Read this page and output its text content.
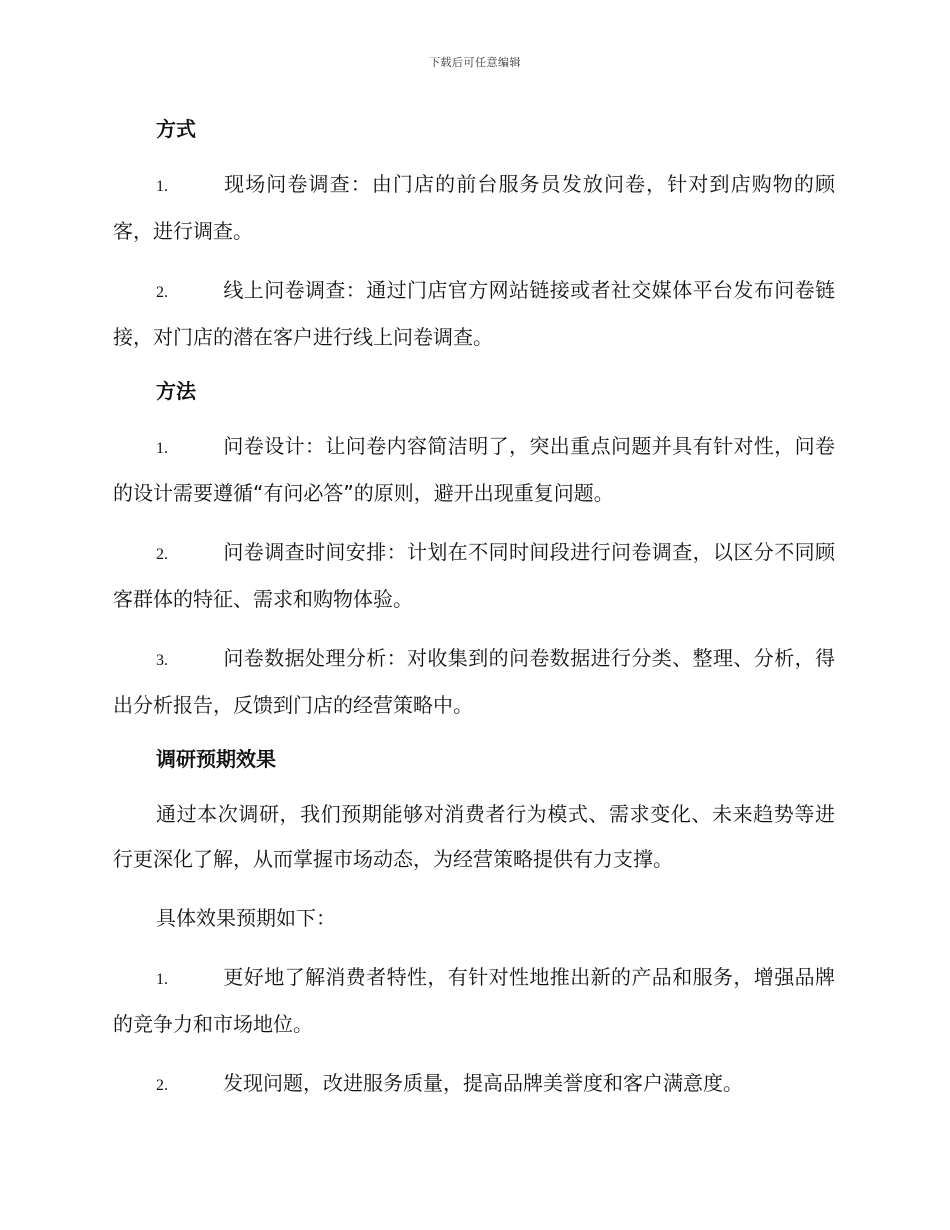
下载后可任意编辑

方式

1.	现场问卷调查：由门店的前台服务员发放问卷，针对到店购物的顾客，进行调查。

2.	线上问卷调查：通过门店官方网站链接或者社交媒体平台发布问卷链接，对门店的潜在客户进行线上问卷调查。

方法

1.	问卷设计：让问卷内容简洁明了，突出重点问题并具有针对性，问卷的设计需要遵循“有问必答”的原则，避开出现重复问题。

2.	问卷调查时间安排：计划在不同时间段进行问卷调查，以区分不同顾客群体的特征、需求和购物体验。

3.	问卷数据处理分析：对收集到的问卷数据进行分类、整理、分析，得出分析报告，反馈到门店的经营策略中。

调研预期效果

通过本次调研，我们预期能够对消费者行为模式、需求变化、未来趋势等进行更深化了解，从而掌握市场动态，为经营策略提供有力支撑。

具体效果预期如下：

1.	更好地了解消费者特性，有针对性地推出新的产品和服务，增强品牌的竞争力和市场地位。

2.	发现问题，改进服务质量，提高品牌美誉度和客户满意度。
